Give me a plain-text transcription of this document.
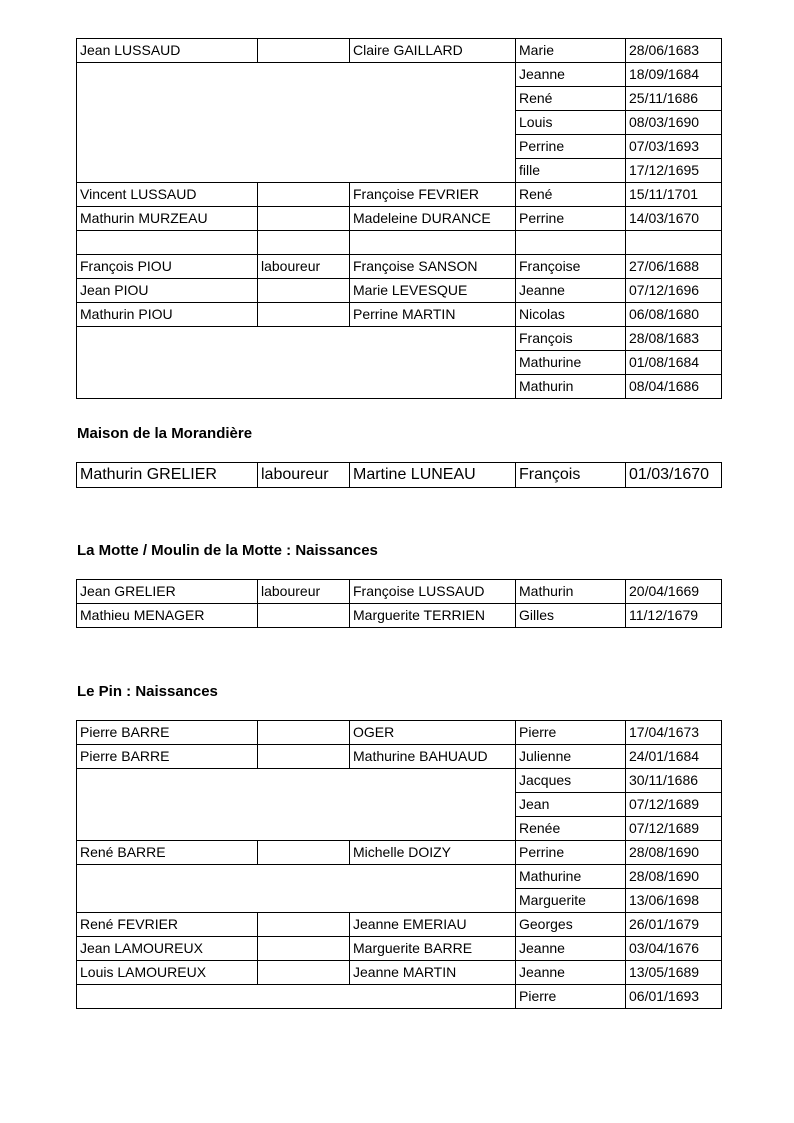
Jean LUSSAUD		Claire GAILLARD	Marie	28/06/1683
			Jeanne	18/09/1684
			René	25/11/1686
			Louis	08/03/1690
			Perrine	07/03/1693
			fille	17/12/1695
Vincent LUSSAUD		Françoise FEVRIER	René	15/11/1701
Mathurin MURZEAU		Madeleine DURANCE	Perrine	14/03/1670

François PIOU	laboureur	Françoise SANSON	Françoise	27/06/1688
Jean PIOU		Marie LEVESQUE	Jeanne	07/12/1696
Mathurin PIOU		Perrine MARTIN	Nicolas	06/08/1680
			François	28/08/1683
			Mathurine	01/08/1684
			Mathurin	08/04/1686
Maison de la Morandière
Mathurin GRELIER	laboureur	Martine LUNEAU	François	01/03/1670
La Motte / Moulin de la Motte : Naissances
Jean GRELIER	laboureur	Françoise LUSSAUD	Mathurin	20/04/1669
Mathieu MENAGER		Marguerite TERRIEN	Gilles	11/12/1679
Le Pin : Naissances
Pierre BARRE		OGER	Pierre	17/04/1673
Pierre BARRE		Mathurine BAHUAUD	Julienne	24/01/1684
			Jacques	30/11/1686
			Jean	07/12/1689
			Renée	07/12/1689
René BARRE		Michelle DOIZY	Perrine	28/08/1690
			Mathurine	28/08/1690
			Marguerite	13/06/1698
René FEVRIER		Jeanne EMERIAU	Georges	26/01/1679
Jean LAMOUREUX		Marguerite BARRE	Jeanne	03/04/1676
Louis LAMOUREUX		Jeanne MARTIN	Jeanne	13/05/1689
			Pierre	06/01/1693
